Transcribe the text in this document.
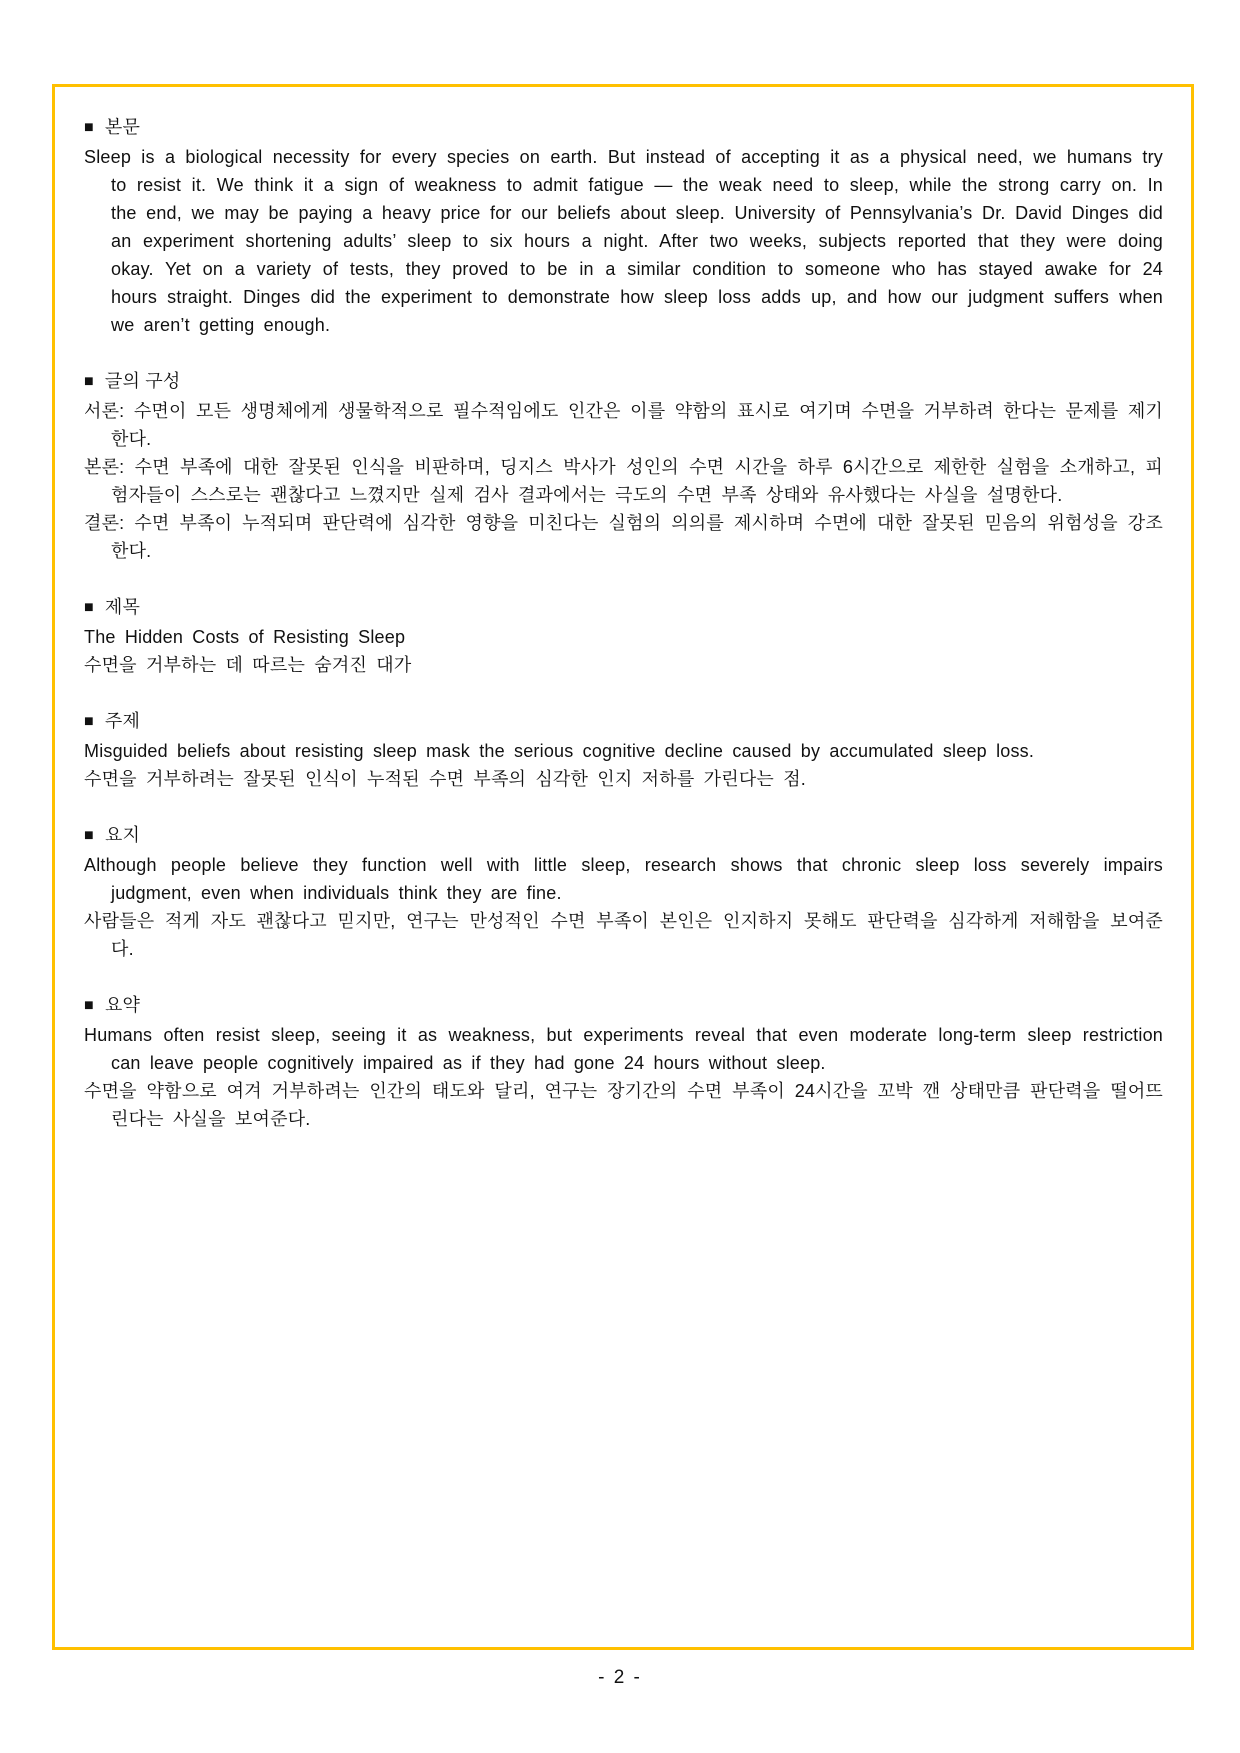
■ 본문

Sleep is a biological necessity for every species on earth. But instead of accepting it as a physical need, we humans try to resist it. We think it a sign of weakness to admit fatigue — the weak need to sleep, while the strong carry on. In the end, we may be paying a heavy price for our beliefs about sleep. University of Pennsylvania’s Dr. David Dinges did an experiment shortening adults’ sleep to six hours a night. After two weeks, subjects reported that they were doing okay. Yet on a variety of tests, they proved to be in a similar condition to someone who has stayed awake for 24 hours straight. Dinges did the experiment to demonstrate how sleep loss adds up, and how our judgment suffers when we aren’t getting enough.

■ 글의 구성

서론: 수면이 모든 생명체에게 생물학적으로 필수적임에도 인간은 이를 약함의 표시로 여기며 수면을 거부하려 한다는 문제를 제기한다.

본론: 수면 부족에 대한 잘못된 인식을 비판하며, 딩지스 박사가 성인의 수면 시간을 하루 6시간으로 제한한 실험을 소개하고, 피험자들이 스스로는 괜찮다고 느꼈지만 실제 검사 결과에서는 극도의 수면 부족 상태와 유사했다는 사실을 설명한다.

결론: 수면 부족이 누적되며 판단력에 심각한 영향을 미친다는 실험의 의의를 제시하며 수면에 대한 잘못된 믿음의 위험성을 강조한다.

■ 제목

The Hidden Costs of Resisting Sleep

수면을 거부하는 데 따르는 숨겨진 대가

■ 주제

Misguided beliefs about resisting sleep mask the serious cognitive decline caused by accumulated sleep loss.

수면을 거부하려는 잘못된 인식이 누적된 수면 부족의 심각한 인지 저하를 가린다는 점.

■ 요지

Although people believe they function well with little sleep, research shows that chronic sleep loss severely impairs judgment, even when individuals think they are fine.

사람들은 적게 자도 괜찮다고 믿지만, 연구는 만성적인 수면 부족이 본인은 인지하지 못해도 판단력을 심각하게 저해함을 보여준다.

■ 요약

Humans often resist sleep, seeing it as weakness, but experiments reveal that even moderate long-term sleep restriction can leave people cognitively impaired as if they had gone 24 hours without sleep.

수면을 약함으로 여겨 거부하려는 인간의 태도와 달리, 연구는 장기간의 수면 부족이 24시간을 꼬박 깬 상태만큼 판단력을 떨어뜨린다는 사실을 보여준다.

- 2 -
